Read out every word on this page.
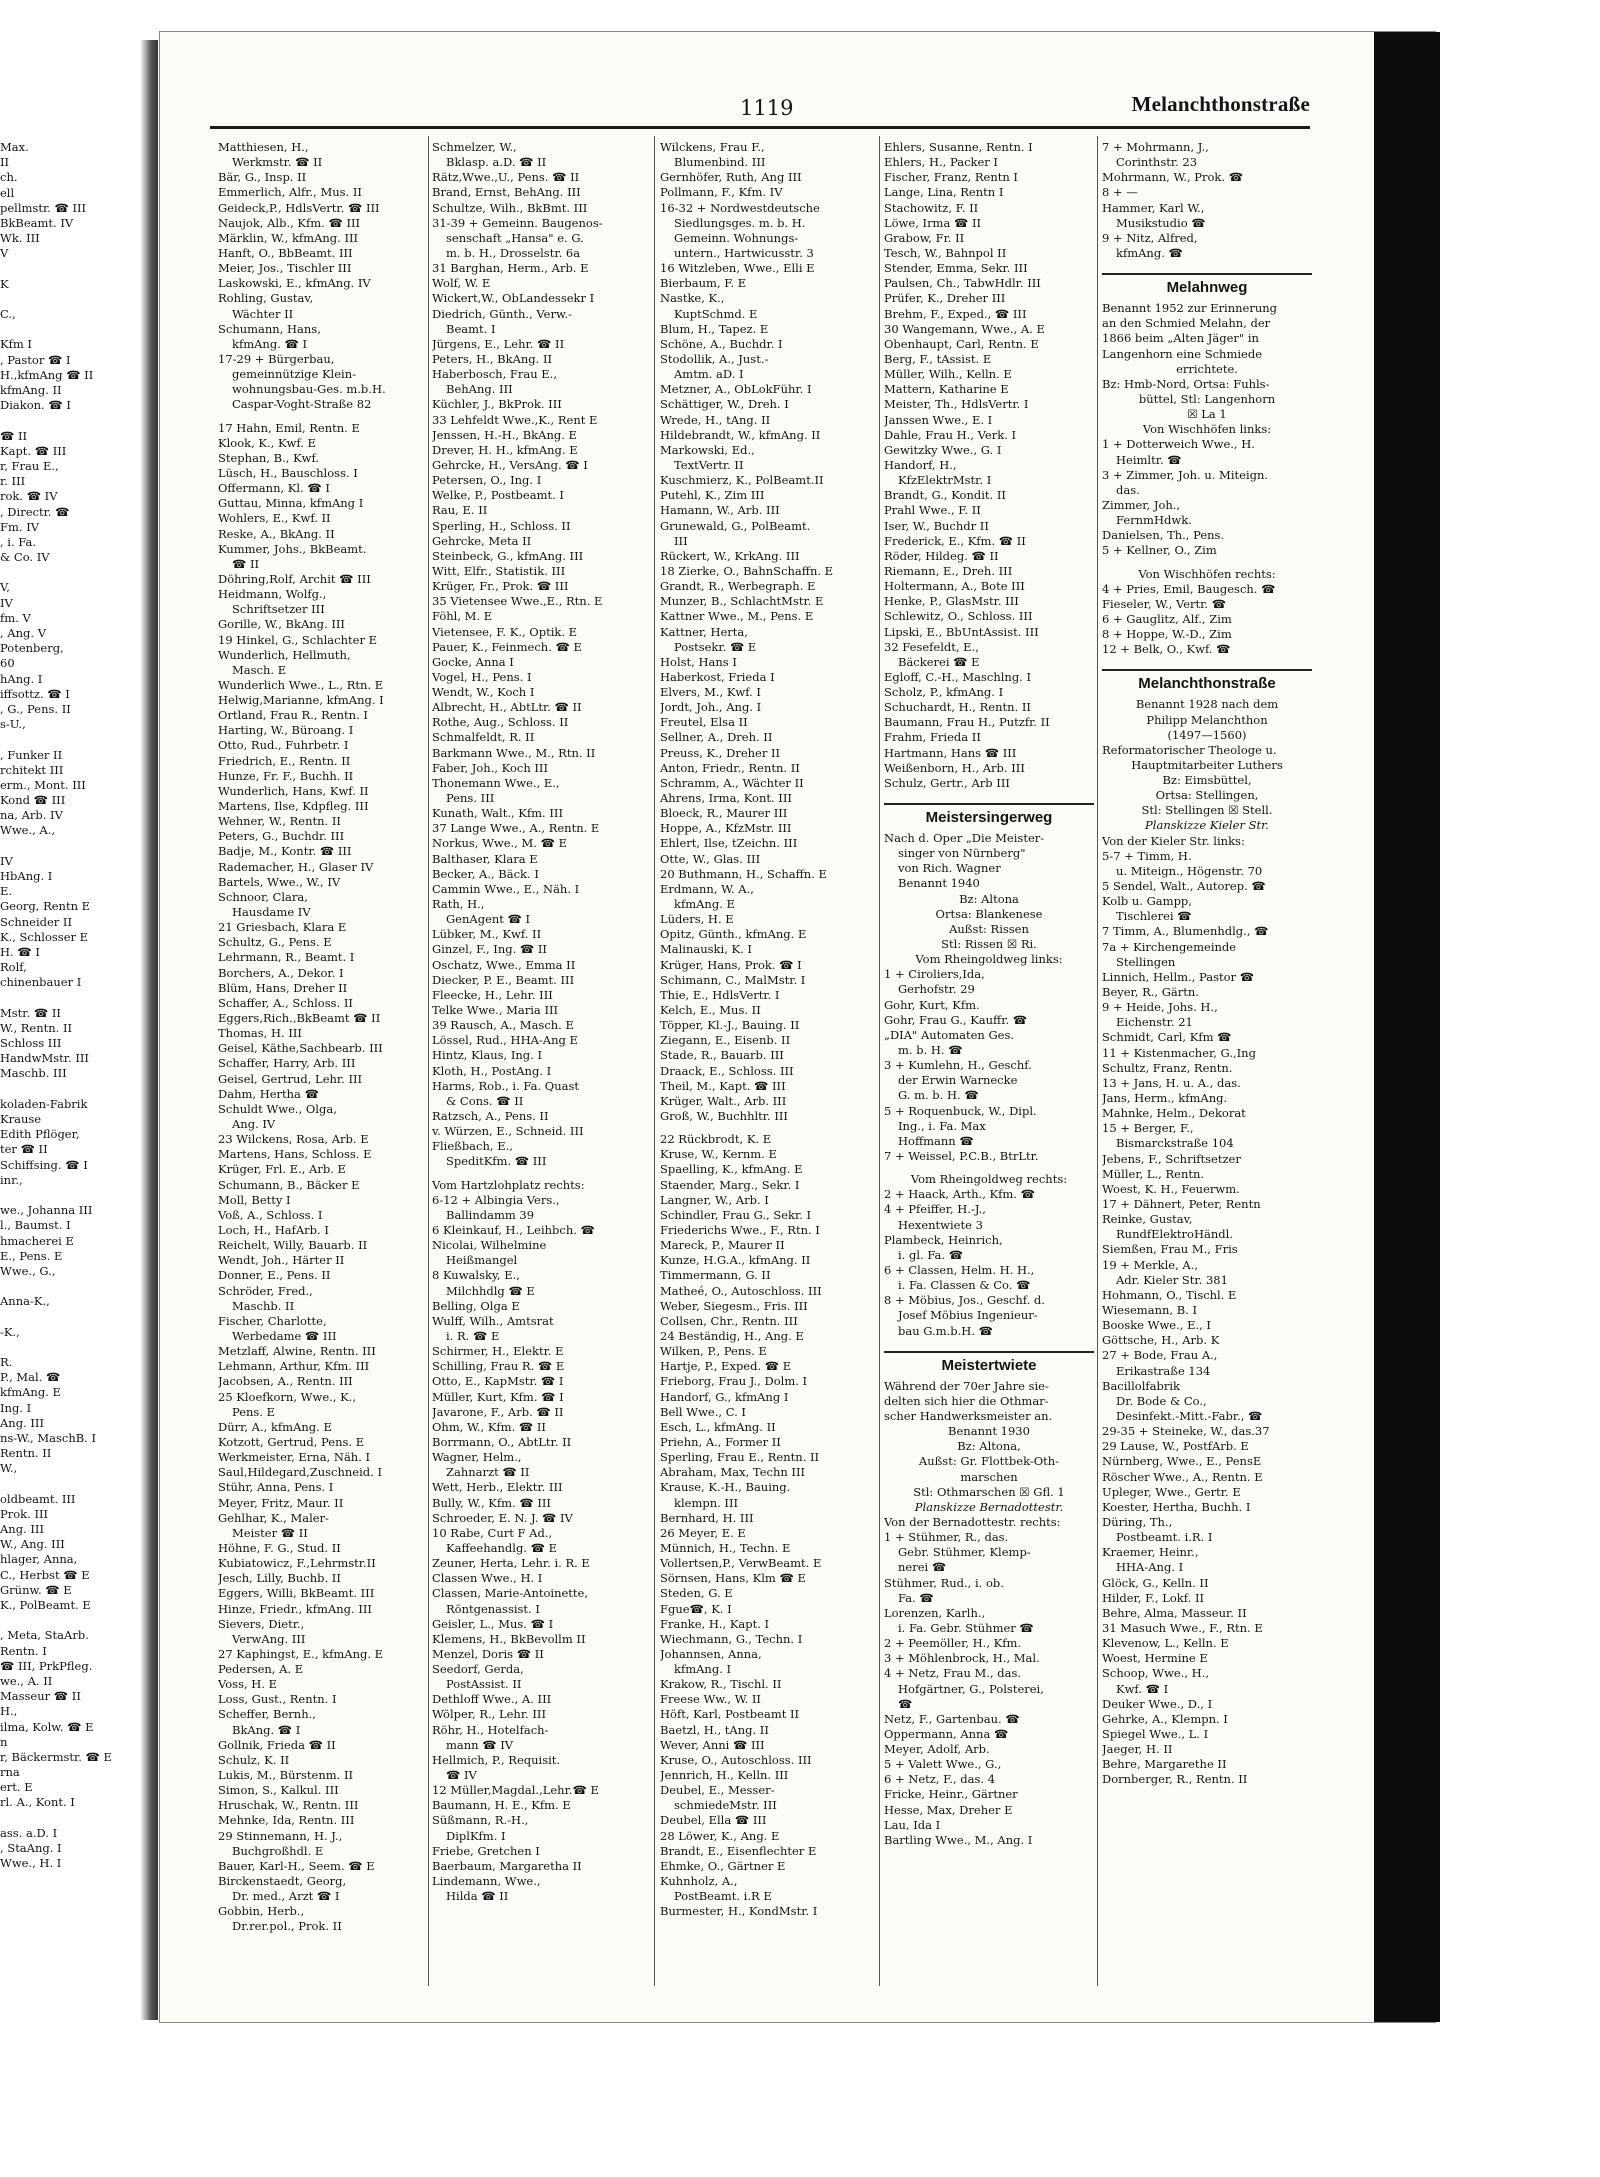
Max.
II
ch.
ell
pellmstr. ☎ III
BkBeamt. IV
Wk. III
V
K
C.,
Kfm I
, Pastor ☎ I
H.,kfmAng ☎ II
kfmAng. II
Diakon. ☎ I
☎ II
Kapt. ☎ III
r, Frau E.,
r. III
rok. ☎ IV
, Directr. ☎
Fm. IV
, i. Fa.
& Co. IV
V,
IV
fm. V
, Ang. V
Potenberg,
60
hAng. I
iffsottz. ☎ I
, G., Pens. II
s-U.,
, Funker II
rchitekt III
erm., Mont. III
Kond ☎ III
na, Arb. IV
Wwe., A.,
IV
HbAng. I
E.
Georg, Rentn E
Schneider II
K., Schlosser E
H. ☎ I
Rolf,
chinenbauer I
Mstr. ☎ II
W., Rentn. II
Schloss III
HandwMstr. III
Maschb. III
koladen-Fabrik
Krause
Edith Pflöger,
ter ☎ II
Schiffsing. ☎ I
inr.,
we., Johanna III
l., Baumst. I
hmacherei E
E., Pens. E
Wwe., G.,
Anna-K.,
-K.,
R.
P., Mal. ☎
kfmAng. E
Ing. I
Ang. III
ns-W., MaschB. I
Rentn. II
W.,
oldbeamt. III
Prok. III
Ang. III
W., Ang. III
hlager, Anna,
C., Herbst ☎ E
Grünw. ☎ E
K., PolBeamt. E
, Meta, StaArb.
Rentn. I
☎ III, PrkPfleg.
we., A. II
Masseur ☎ II
H.,
ilma, Kolw. ☎ E
n
r, Bäckermstr. ☎ E
rna
ert. E
rl. A., Kont. I
ass. a.D. I
, StaAng. I
Wwe., H. I
1119	Melanchthonstraße
Matthiesen, H.,
Werkmstr. ☎ II
Bär, G., Insp. II
Emmerlich, Alfr., Mus. II
Geideck,P., HdlsVertr. ☎ III
Naujok, Alb., Kfm. ☎ III
Märklin, W., kfmAng. III
Hanft, O., BbBeamt. III
Meier, Jos., Tischler III
Laskowski, E., kfmAng. IV
Rohling, Gustav,
Wächter II
Schumann, Hans,
kfmAng. ☎ I
17-29 + Bürgerbau,
gemeinnützige Klein-
wohnungsbau-Ges. m.b.H.
Caspar-Voght-Straße 82
17 Hahn, Emil, Rentn. E
Klook, K., Kwf. E
Stephan, B., Kwf.
Lüsch, H., Bauschloss. I
Offermann, Kl. ☎ I
Guttau, Minna, kfmAng I
Wohlers, E., Kwf. II
Reske, A., BkAng. II
Kummer, Johs., BkBeamt.
☎ II
Döhring,Rolf, Archit ☎ III
Heidmann, Wolfg.,
Schriftsetzer III
Gorille, W., BkAng. III
19 Hinkel, G., Schlachter E
Wunderlich, Hellmuth,
Masch. E
Wunderlich Wwe., L., Rtn. E
Helwig,Marianne, kfmAng. I
Ortland, Frau R., Rentn. I
Harting, W., Büroang. I
Otto, Rud., Fuhrbetr. I
Friedrich, E., Rentn. II
Hunze, Fr. F., Buchh. II
Wunderlich, Hans, Kwf. II
Martens, Ilse, Kdpfleg. III
Wehner, W., Rentn. II
Peters, G., Buchdr. III
Badje, M., Kontr. ☎ III
Rademacher, H., Glaser IV
Bartels, Wwe., W., IV
Schnoor, Clara,
Hausdame IV
21 Griesbach, Klara E
Schultz, G., Pens. E
Lehrmann, R., Beamt. I
Borchers, A., Dekor. I
Blüm, Hans, Dreher II
Schaffer, A., Schloss. II
Eggers,Rich.,BkBeamt ☎ II
Thomas, H. III
Geisel, Käthe,Sachbearb. III
Schaffer, Harry, Arb. III
Geisel, Gertrud, Lehr. III
Dahm, Hertha ☎
Schuldt Wwe., Olga,
Ang. IV
23 Wilckens, Rosa, Arb. E
Martens, Hans, Schloss. E
Krüger, Frl. E., Arb. E
Schumann, B., Bäcker E
Moll, Betty I
Voß, A., Schloss. I
Loch, H., HafArb. I
Reichelt, Willy, Bauarb. II
Wendt, Joh., Härter II
Donner, E., Pens. II
Schröder, Fred.,
Maschb. II
Fischer, Charlotte,
Werbedame ☎ III
Metzlaff, Alwine, Rentn. III
Lehmann, Arthur, Kfm. III
Jacobsen, A., Rentn. III
25 Kloefkorn, Wwe., K.,
Pens. E
Dürr, A., kfmAng. E
Kotzott, Gertrud, Pens. E
Werkmeister, Erna, Näh. I
Saul,Hildegard,Zuschneid. I
Stühr, Anna, Pens. I
Meyer, Fritz, Maur. II
Gehlhar, K., Maler-
Meister ☎ II
Höhne, F. G., Stud. II
Kubiatowicz, F.,Lehrmstr.II
Jesch, Lilly, Buchb. II
Eggers, Willi, BkBeamt. III
Hinze, Friedr., kfmAng. III
Sievers, Dietr.,
VerwAng. III
27 Kaphingst, E., kfmAng. E
Pedersen, A. E
Voss, H. E
Loss, Gust., Rentn. I
Scheffer, Bernh.,
BkAng. ☎ I
Gollnik, Frieda ☎ II
Schulz, K. II
Lukis, M., Bürstenm. II
Simon, S., Kalkul. III
Hruschak, W., Rentn. III
Mehnke, Ida, Rentn. III
29 Stinnemann, H. J.,
Buchgroßhdl. E
Bauer, Karl-H., Seem. ☎ E
Birckenstaedt, Georg,
Dr. med., Arzt ☎ I
Gobbin, Herb.,
Dr.rer.pol., Prok. II
Schmelzer, W.,
Bklasp. a.D. ☎ II
Rätz,Wwe.,U., Pens. ☎ II
Brand, Ernst, BehAng. III
Schultze, Wilh., BkBmt. III
31-39 + Gemeinn. Baugenos-
senschaft „Hansa" e. G.
m. b. H., Drosselstr. 6a
31 Barghan, Herm., Arb. E
Wolf, W. E
Wickert,W., ObLandessekr I
Diedrich, Günth., Verw.-
Beamt. I
Jürgens, E., Lehr. ☎ II
Peters, H., BkAng. II
Haberbosch, Frau E.,
BehAng. III
Küchler, J., BkProk. III
33 Lehfeldt Wwe.,K., Rent E
Jenssen, H.-H., BkAng. E
Drever, H. H., kfmAng. E
Gehrcke, H., VersAng. ☎ I
Petersen, O., Ing. I
Welke, P., Postbeamt. I
Rau, E. II
Sperling, H., Schloss. II
Gehrcke, Meta II
Steinbeck, G., kfmAng. III
Witt, Elfr., Statistik. III
Krüger, Fr., Prok. ☎ III
35 Vietensee Wwe.,E., Rtn. E
Föhl, M. E
Vietensee, F. K., Optik. E
Pauer, K., Feinmech. ☎ E
Gocke, Anna I
Vogel, H., Pens. I
Wendt, W., Koch I
Albrecht, H., AbtLtr. ☎ II
Rothe, Aug., Schloss. II
Schmalfeldt, R. II
Barkmann Wwe., M., Rtn. II
Faber, Joh., Koch III
Thonemann Wwe., E.,
Pens. III
Kunath, Walt., Kfm. III
37 Lange Wwe., A., Rentn. E
Norkus, Wwe., M. ☎ E
Balthaser, Klara E
Becker, A., Bäck. I
Cammin Wwe., E., Näh. I
Rath, H.,
GenAgent ☎ I
Lübker, M., Kwf. II
Ginzel, F., Ing. ☎ II
Oschatz, Wwe., Emma II
Diecker, P. E., Beamt. III
Fleecke, H., Lehr. III
Telke Wwe., Maria III
39 Rausch, A., Masch. E
Lössel, Rud., HHA-Ang E
Hintz, Klaus, Ing. I
Kloth, H., PostAng. I
Harms, Rob., i. Fa. Quast
& Cons. ☎ II
Ratzsch, A., Pens. II
v. Würzen, E., Schneid. III
Fließbach, E.,
SpeditKfm. ☎ III
Vom Hartzlohplatz rechts:
6-12 + Albingia Vers.,
Ballindamm 39
6 Kleinkauf, H., Leihbch. ☎
Nicolai, Wilhelmine
Heißmangel
8 Kuwalsky, E.,
Milchhdlg ☎ E
Belling, Olga E
Wulff, Wilh., Amtsrat
i. R. ☎ E
Schirmer, H., Elektr. E
Schilling, Frau R. ☎ E
Otto, E., KapMstr. ☎ I
Müller, Kurt, Kfm. ☎ I
Javarone, F., Arb. ☎ II
Ohm, W., Kfm. ☎ II
Borrmann, O., AbtLtr. II
Wagner, Helm.,
Zahnarzt ☎ II
Wett, Herb., Elektr. III
Bully, W., Kfm. ☎ III
Schroeder, E. N. J. ☎ IV
10 Rabe, Curt F Ad.,
Kaffeehandlg. ☎ E
Zeuner, Herta, Lehr. i. R. E
Classen Wwe., H. I
Classen, Marie-Antoinette,
Röntgenassist. I
Geisler, L., Mus. ☎ I
Klemens, H., BkBevollm II
Menzel, Doris ☎ II
Seedorf, Gerda,
PostAssist. II
Dethloff Wwe., A. III
Wölper, R., Lehr. III
Röhr, H., Hotelfach-
mann ☎ IV
Hellmich, P., Requisit.
☎ IV
12 Müller,Magdal.,Lehr.☎ E
Baumann, H. E., Kfm. E
Süßmann, R.-H.,
DiplKfm. I
Friebe, Gretchen I
Baerbaum, Margaretha II
Lindemann, Wwe.,
Hilda ☎ II
Wilckens, Frau F.,
Blumenbind. III
Gernhöfer, Ruth, Ang III
Pollmann, F., Kfm. IV
16-32 + Nordwestdeutsche
Siedlungsges. m. b. H.
Gemeinn. Wohnungs-
untern., Hartwicusstr. 3
16 Witzleben, Wwe., Elli E
Bierbaum, F. E
Nastke, K.,
KuptSchmd. E
Blum, H., Tapez. E
Schöne, A., Buchdr. I
Stodollik, A., Just.-
Amtm. aD. I
Metzner, A., ObLokFühr. I
Schättiger, W., Dreh. I
Wrede, H., tAng. II
Hildebrandt, W., kfmAng. II
Markowski, Ed.,
TextVertr. II
Kuschmierz, K., PolBeamt.II
Putehl, K., Zim III
Hamann, W., Arb. III
Grunewald, G., PolBeamt.
III
Rückert, W., KrkAng. III
18 Zierke, O., BahnSchaffn. E
Grandt, R., Werbegraph. E
Munzer, B., SchlachtMstr. E
Kattner Wwe., M., Pens. E
Kattner, Herta,
Postsekr. ☎ E
Holst, Hans I
Haberkost, Frieda I
Elvers, M., Kwf. I
Jordt, Joh., Ang. I
Freutel, Elsa II
Sellner, A., Dreh. II
Preuss, K., Dreher II
Anton, Friedr., Rentn. II
Schramm, A., Wächter II
Ahrens, Irma, Kont. III
Bloeck, R., Maurer III
Hoppe, A., KfzMstr. III
Ehlert, Ilse, tZeichn. III
Otte, W., Glas. III
20 Buthmann, H., Schaffn. E
Erdmann, W. A.,
kfmAng. E
Lüders, H. E
Opitz, Günth., kfmAng. E
Malinauski, K. I
Krüger, Hans, Prok. ☎ I
Schimann, C., MalMstr. I
Thie, E., HdlsVertr. I
Kelch, E., Mus. II
Töpper, Kl.-J., Bauing. II
Ziegann, E., Eisenb. II
Stade, R., Bauarb. III
Draack, E., Schloss. III
Theil, M., Kapt. ☎ III
Krüger, Walt., Arb. III
Groß, W., Buchhltr. III
22 Rückbrodt, K. E
Kruse, W., Kernm. E
Spaelling, K., kfmAng. E
Staender, Marg., Sekr. I
Langner, W., Arb. I
Schindler, Frau G., Sekr. I
Friederichs Wwe., F., Rtn. I
Mareck, P., Maurer II
Kunze, H.G.A., kfmAng. II
Timmermann, G. II
Matheé, O., Autoschloss. III
Weber, Siegesm., Fris. III
Collsen, Chr., Rentn. III
24 Beständig, H., Ang. E
Wilken, P., Pens. E
Hartje, P., Exped. ☎ E
Frieborg, Frau J., Dolm. I
Handorf, G., kfmAng I
Bell Wwe., C. I
Esch, L., kfmAng. II
Priehn, A., Former II
Sperling, Frau E., Rentn. II
Abraham, Max, Techn III
Krause, K.-H., Bauing.
klempn. III
Bernhard, H. III
26 Meyer, E. E
Münnich, H., Techn. E
Vollertsen,P., VerwBeamt. E
Sörnsen, Hans, Klm ☎ E
Steden, G. E
Fgue☎, K. I
Franke, H., Kapt. I
Wiechmann, G., Techn. I
Johannsen, Anna,
kfmAng. I
Krakow, R., Tischl. II
Freese Ww., W. II
Höft, Karl, Postbeamt II
Baetzl, H., tAng. II
Wever, Anni ☎ III
Kruse, O., Autoschloss. III
Jennrich, H., Kelln. III
Deubel, E., Messer-
schmiedeMstr. III
Deubel, Ella ☎ III
28 Löwer, K., Ang. E
Brandt, E., Eisenflechter E
Ehmke, O., Gärtner E
Kuhnholz, A.,
PostBeamt. i.R E
Burmester, H., KondMstr. I
Ehlers, Susanne, Rentn. I
Ehlers, H., Packer I
Fischer, Franz, Rentn I
Lange, Lina, Rentn I
Stachowitz, F. II
Löwe, Irma ☎ II
Grabow, Fr. II
Tesch, W., Bahnpol II
Stender, Emma, Sekr. III
Paulsen, Ch., TabwHdlr. III
Prüfer, K., Dreher III
Brehm, F., Exped., ☎ III
30 Wangemann, Wwe., A. E
Obenhaupt, Carl, Rentn. E
Berg, F., tAssist. E
Müller, Wilh., Kelln. E
Mattern, Katharine E
Meister, Th., HdlsVertr. I
Janssen Wwe., E. I
Dahle, Frau H., Verk. I
Gewitzky Wwe., G. I
Handorf, H.,
KfzElektrMstr. I
Brandt, G., Kondit. II
Prahl Wwe., F. II
Iser, W., Buchdr II
Frederick, E., Kfm. ☎ II
Röder, Hildeg. ☎ II
Riemann, E., Dreh. III
Holtermann, A., Bote III
Henke, P., GlasMstr. III
Schlewitz, O., Schloss. III
Lipski, E., BbUntAssist. III
32 Fesefeldt, E.,
Bäckerei ☎ E
Egloff, C.-H., Maschlng. I
Scholz, P., kfmAng. I
Schuchardt, H., Rentn. II
Baumann, Frau H., Putzfr. II
Frahm, Frieda II
Hartmann, Hans ☎ III
Weißenborn, H., Arb. III
Schulz, Gertr., Arb III
Meistersingerweg
Nach d. Oper „Die Meister-
singer von Nürnberg"
von Rich. Wagner
Benannt 1940
Bz: Altona
Ortsa: Blankenese
Außst: Rissen
Stl: Rissen ☒ Ri.
Vom Rheingoldweg links:
1 + Ciroliers,Ida,
Gerhofstr. 29
Gohr, Kurt, Kfm.
Gohr, Frau G., Kauffr. ☎
„DIA" Automaten Ges.
m. b. H. ☎
3 + Kumlehn, H., Geschf.
der Erwin Warnecke
G. m. b. H. ☎
5 + Roquenbuck, W., Dipl.
Ing., i. Fa. Max
Hoffmann ☎
7 + Weissel, P.C.B., BtrLtr.
Vom Rheingoldweg rechts:
2 + Haack, Arth., Kfm. ☎
4 + Pfeiffer, H.-J.,
Hexentwiete 3
Plambeck, Heinrich,
i. gl. Fa. ☎
6 + Classen, Helm. H. H.,
i. Fa. Classen & Co. ☎
8 + Möbius, Jos., Geschf. d.
Josef Möbius Ingenieur-
bau G.m.b.H. ☎
Meistertwiete
Während der 70er Jahre sie-
delten sich hier die Othmar-
scher Handwerksmeister an.
Benannt 1930
Bz: Altona,
Außst: Gr. Flottbek-Oth-
marschen
Stl: Othmarschen ☒ Gfl. 1
Planskizze Bernadottestr.
Von der Bernadottestr. rechts:
1 + Stühmer, R., das.
Gebr. Stühmer, Klemp-
nerei ☎
Stühmer, Rud., i. ob.
Fa. ☎
Lorenzen, Karlh.,
i. Fa. Gebr. Stühmer ☎
2 + Peemöller, H., Kfm.
3 + Möhlenbrock, H., Mal.
4 + Netz, Frau M., das.
Hofgärtner, G., Polsterei,
☎
Netz, F., Gartenbau. ☎
Oppermann, Anna ☎
Meyer, Adolf, Arb.
5 + Valett Wwe., G.,
6 + Netz, F., das. 4
Fricke, Heinr., Gärtner
Hesse, Max, Dreher E
Lau, Ida I
Bartling Wwe., M., Ang. I
7 + Mohrmann, J.,
Corinthstr. 23
Mohrmann, W., Prok. ☎
8 + —
Hammer, Karl W.,
Musikstudio ☎
9 + Nitz, Alfred,
kfmAng. ☎
Melahnweg
Benannt 1952 zur Erinnerung
an den Schmied Melahn, der
1866 beim „Alten Jäger" in
Langenhorn eine Schmiede
errichtete.
Bz: Hmb-Nord, Ortsa: Fuhls-
büttel, Stl: Langenhorn
☒ La 1
Von Wischhöfen links:
1 + Dotterweich Wwe., H.
Heimltr. ☎
3 + Zimmer, Joh. u. Miteign.
das.
Zimmer, Joh.,
FernmHdwk.
Danielsen, Th., Pens.
5 + Kellner, O., Zim
Von Wischhöfen rechts:
4 + Pries, Emil, Baugesch. ☎
Fieseler, W., Vertr. ☎
6 + Gauglitz, Alf., Zim
8 + Hoppe, W.-D., Zim
12 + Belk, O., Kwf. ☎
Melanchthonstraße
Benannt 1928 nach dem
Philipp Melanchthon
(1497—1560)
Reformatorischer Theologe u.
Hauptmitarbeiter Luthers
Bz: Eimsbüttel,
Ortsa: Stellingen,
Stl: Stellingen ☒ Stell.
Planskizze Kieler Str.
Von der Kieler Str. links:
5-7 + Timm, H.
u. Miteign., Högenstr. 70
5 Sendel, Walt., Autorep. ☎
Kolb u. Gampp,
Tischlerei ☎
7 Timm, A., Blumenhdlg., ☎
7a + Kirchengemeinde
Stellingen
Linnich, Hellm., Pastor ☎
Beyer, R., Gärtn.
9 + Heide, Johs. H.,
Eichenstr. 21
Schmidt, Carl, Kfm ☎
11 + Kistenmacher, G.,Ing
Schultz, Franz, Rentn.
13 + Jans, H. u. A., das.
Jans, Herm., kfmAng.
Mahnke, Helm., Dekorat
15 + Berger, F.,
Bismarckstraße 104
Jebens, F., Schriftsetzer
Müller, L., Rentn.
Woest, K. H., Feuerwm.
17 + Dähnert, Peter, Rentn
Reinke, Gustav,
RundfElektroHändl.
Siemßen, Frau M., Fris
19 + Merkle, A.,
Adr. Kieler Str. 381
Hohmann, O., Tischl. E
Wiesemann, B. I
Booske Wwe., E., I
Göttsche, H., Arb. K
27 + Bode, Frau A.,
Erikastraße 134
Bacillolfabrik
Dr. Bode & Co.,
Desinfekt.-Mitt.-Fabr., ☎
29-35 + Steineke, W., das.37
29 Lause, W., PostfArb. E
Nürnberg, Wwe., E., PensE
Röscher Wwe., A., Rentn. E
Upleger, Wwe., Gertr. E
Koester, Hertha, Buchh. I
Düring, Th.,
Postbeamt. i.R. I
Kraemer, Heinr.,
HHA-Ang. I
Glöck, G., Kelln. II
Hilder, F., Lokf. II
Behre, Alma, Masseur. II
31 Masuch Wwe., F., Rtn. E
Klevenow, L., Kelln. E
Woest, Hermine E
Schoop, Wwe., H.,
Kwf. ☎ I
Deuker Wwe., D., I
Gehrke, A., Klempn. I
Spiegel Wwe., L. I
Jaeger, H. II
Behre, Margarethe II
Dornberger, R., Rentn. II
